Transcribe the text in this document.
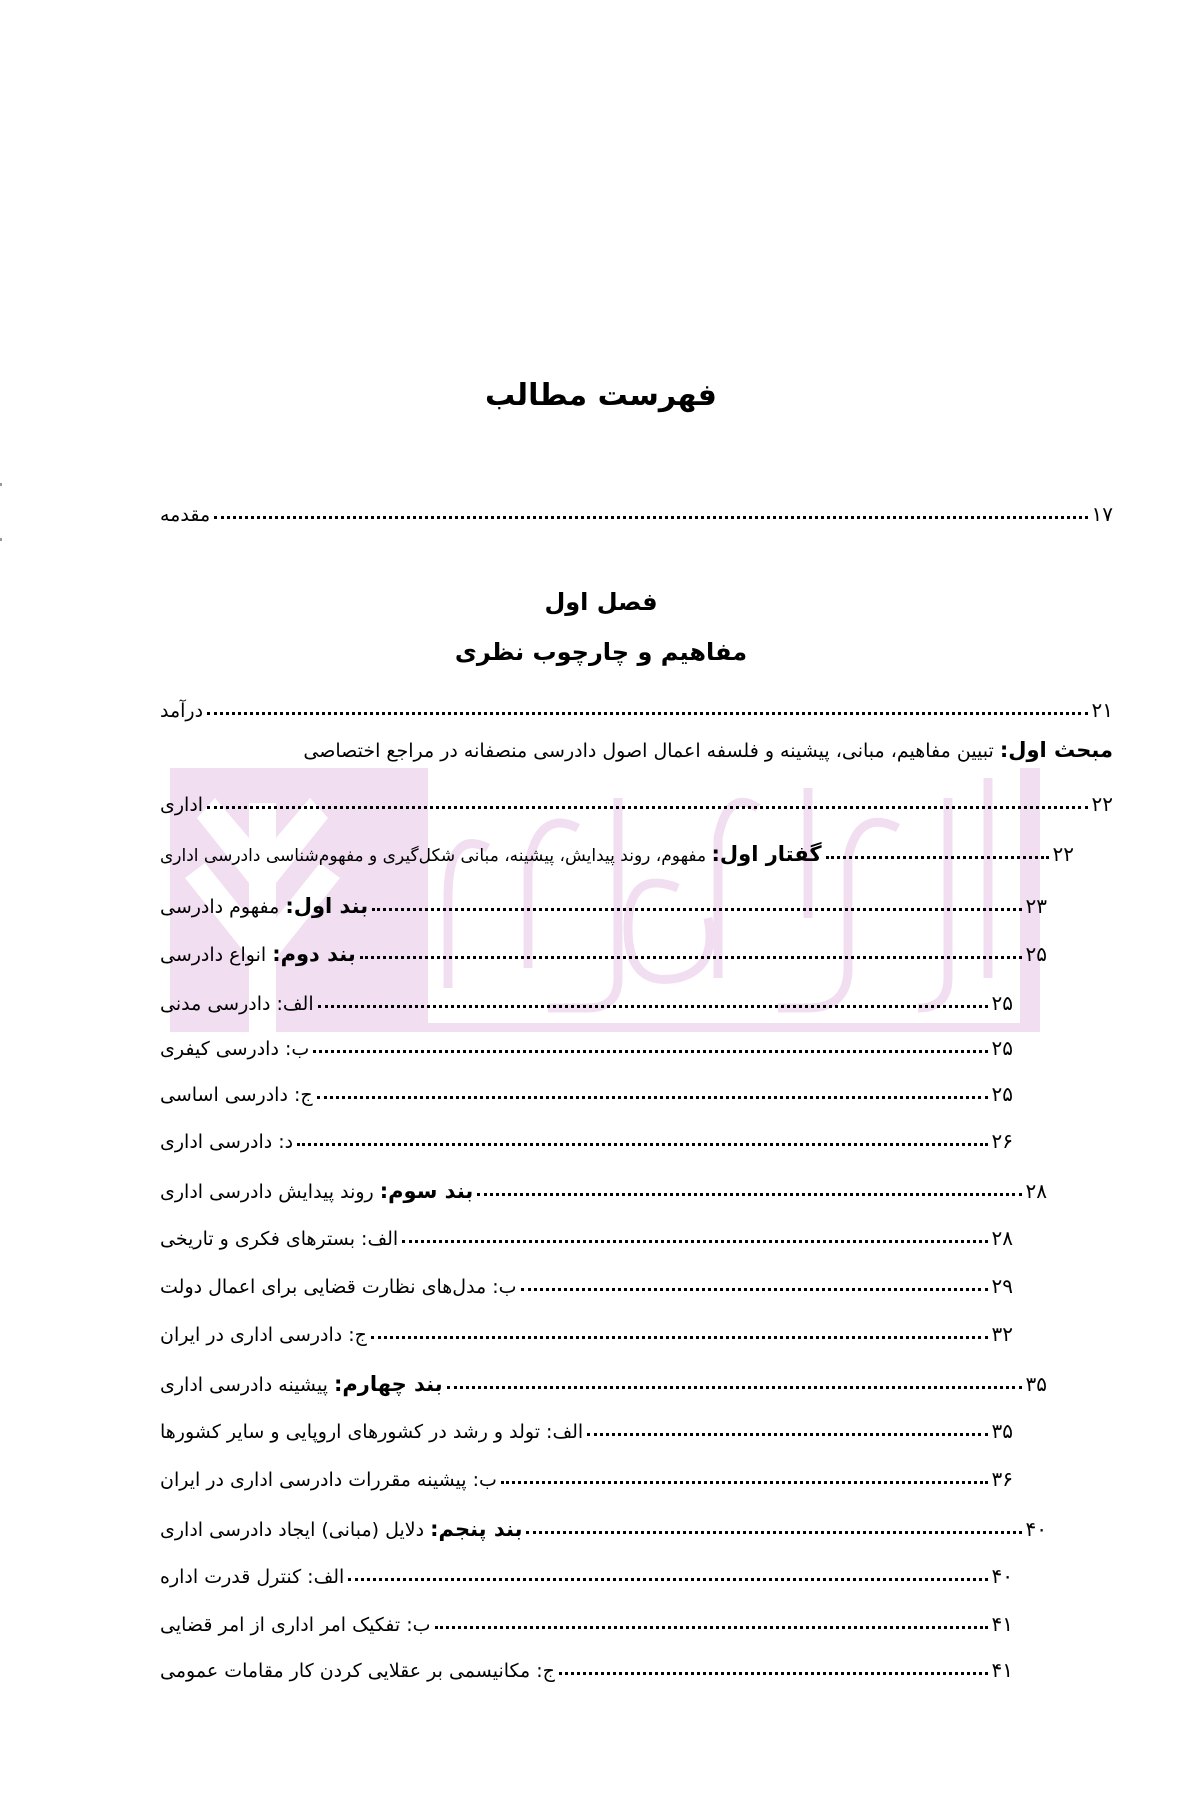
فهرست مطالب
مقدمه	۱۷
فصل اول
مفاهیم و چارچوب نظری
درآمد	۲۱
مبحث اول: تبیین مفاهیم، مبانی، پیشینه و فلسفه اعمال اصول دادرسی منصفانه در مراجع اختصاصی
اداری	۲۲
گفتار اول: مفهوم، روند پیدایش، پیشینه، مبانی شکل‌گیری و مفهوم‌شناسی دادرسی اداری	۲۲
بند اول: مفهوم دادرسی	۲۳
بند دوم: انواع دادرسی	۲۵
الف: دادرسی مدنی	۲۵
ب: دادرسی کیفری	۲۵
ج: دادرسی اساسی	۲۵
د: دادرسی اداری	۲۶
بند سوم: روند پیدایش دادرسی اداری	۲۸
الف: بسترهای فکری و تاریخی	۲۸
ب: مدل‌های نظارت قضایی برای اعمال دولت	۲۹
ج: دادرسی اداری در ایران	۳۲
بند چهارم: پیشینه دادرسی اداری	۳۵
الف: تولد و رشد در کشورهای اروپایی و سایر کشورها	۳۵
ب: پیشینه مقررات دادرسی اداری در ایران	۳۶
بند پنجم: دلایل (مبانی) ایجاد دادرسی اداری	۴۰
الف: کنترل قدرت اداره	۴۰
ب: تفکیک امر اداری از امر قضایی	۴۱
ج: مکانیسمی بر عقلایی کردن کار مقامات عمومی	۴۱
